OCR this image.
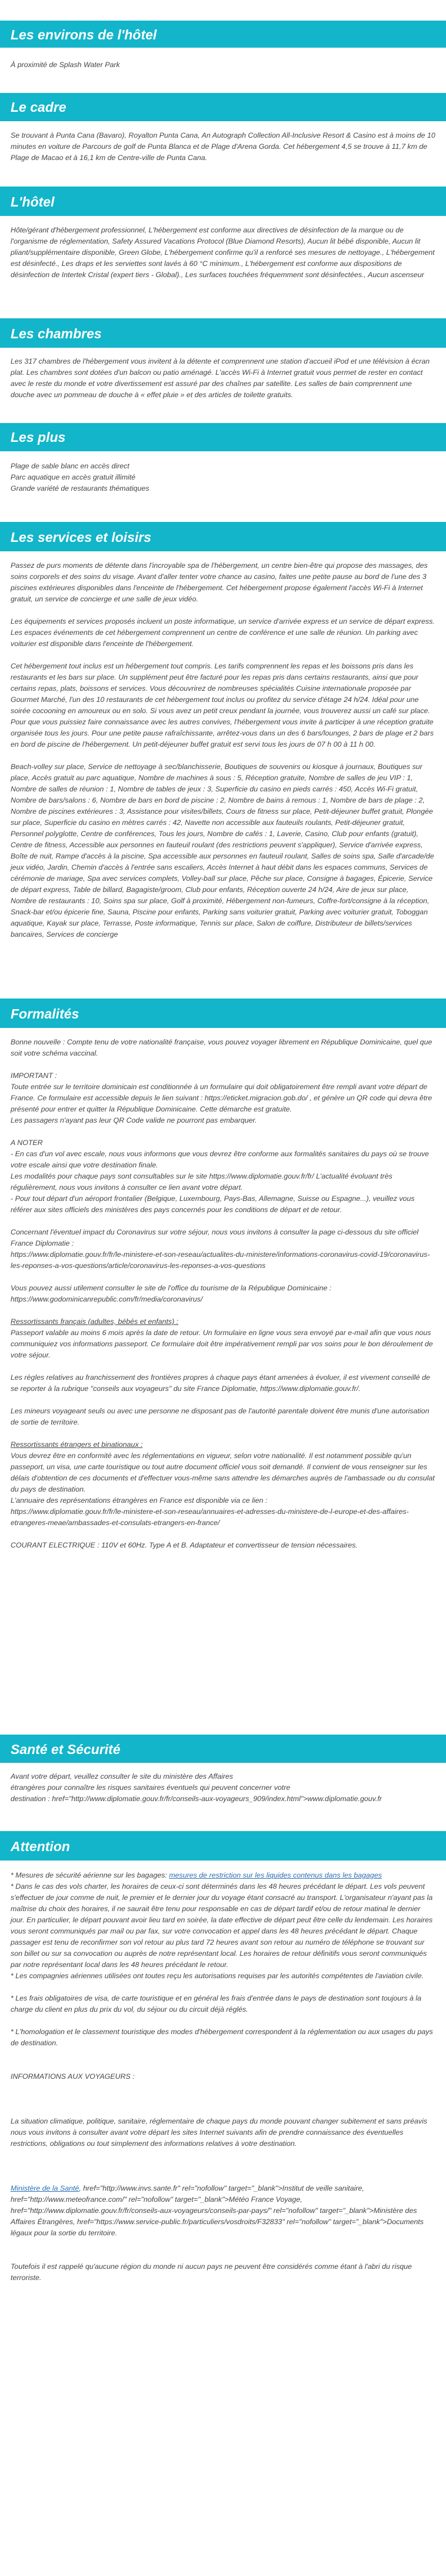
Les environs de l'hôtel

À proximité de Splash Water Park

Le cadre

Se trouvant à Punta Cana (Bavaro), Royalton Punta Cana, An Autograph Collection All-Inclusive Resort & Casino est à moins de 10 minutes en voiture de Parcours de golf de Punta Blanca et de Plage d'Arena Gorda. Cet hébergement 4,5 se trouve à 11,7 km de Plage de Macao et à 16,1 km de Centre-ville de Punta Cana.

L'hôtel

Hôte/gérant d'hébergement professionnel, L'hébergement est conforme aux directives de désinfection de la marque ou de l'organisme de réglementation, Safety Assured Vacations Protocol (Blue Diamond Resorts), Aucun lit bébé disponible, Aucun lit pliant/supplémentaire disponible, Green Globe, L'hébergement confirme qu'il a renforcé ses mesures de nettoyage., L'hébergement est désinfecté., Les draps et les serviettes sont lavés à 60 °C minimum., L'hébergement est conforme aux dispositions de désinfection de Intertek Cristal (expert tiers - Global)., Les surfaces touchées fréquemment sont désinfectées., Aucun ascenseur

Les chambres

Les 317 chambres de l'hébergement vous invitent à la détente et comprennent une station d'accueil iPod et une télévision à écran plat. Les chambres sont dotées d'un balcon ou patio aménagé. L'accès Wi-Fi à Internet gratuit vous permet de rester en contact avec le reste du monde et votre divertissement est assuré par des chaînes par satellite. Les salles de bain comprennent une douche avec un pommeau de douche à « effet pluie » et des articles de toilette gratuits.

Les plus

Plage de sable blanc en accès direct

Parc aquatique en accès gratuit illimité

Grande variété de restaurants thématiques

Les services et loisirs

Passez de purs moments de détente dans l'incroyable spa de l'hébergement, un centre bien-être qui propose des massages, des soins corporels et des soins du visage. Avant d'aller tenter votre chance au casino, faites une petite pause au bord de l'une des 3 piscines extérieures disponibles dans l'enceinte de l'hébergement. Cet hébergement propose également l'accès Wi-Fi à Internet gratuit, un service de concierge et une salle de jeux vidéo.

Les équipements et services proposés incluent un poste informatique, un service d'arrivée express et un service de départ express. Les espaces événements de cet hébergement comprennent un centre de conférence et une salle de réunion. Un parking avec voiturier est disponible dans l'enceinte de l'hébergement.

Cet hébergement tout inclus est un hébergement tout compris. Les tarifs comprennent les repas et les boissons pris dans les restaurants et les bars sur place. Un supplément peut être facturé pour les repas pris dans certains restaurants, ainsi que pour certains repas, plats, boissons et services. Vous découvrirez de nombreuses spécialités Cuisine internationale proposée par Gourmet Marché, l'un des 10 restaurants de cet hébergement tout inclus ou profitez du service d'étage 24 h/24. Idéal pour une soirée cocooning en amoureux ou en solo. Si vous avez un petit creux pendant la journée, vous trouverez aussi un café sur place. Pour que vous puissiez faire connaissance avec les autres convives, l'hébergement vous invite à participer à une réception gratuite organisée tous les jours. Pour une petite pause rafraîchissante, arrêtez-vous dans un des 6 bars/lounges, 2 bars de plage et 2 bars en bord de piscine de l'hébergement. Un petit-déjeuner buffet gratuit est servi tous les jours de 07 h 00 à 11 h 00.

Beach-volley sur place, Service de nettoyage à sec/blanchisserie, Boutiques de souvenirs ou kiosque à journaux, Boutiques sur place, Accès gratuit au parc aquatique, Nombre de machines à sous : 5, Réception gratuite, Nombre de salles de jeu VIP : 1, Nombre de salles de réunion : 1, Nombre de tables de jeux : 3, Superficie du casino en pieds carrés : 450, Accès Wi-Fi gratuit, Nombre de bars/salons : 6, Nombre de bars en bord de piscine : 2, Nombre de bains à remous : 1, Nombre de bars de plage : 2, Nombre de piscines extérieures : 3, Assistance pour visites/billets, Cours de fitness sur place, Petit-déjeuner buffet gratuit, Plongée sur place, Superficie du casino en mètres carrés : 42, Navette non accessible aux fauteuils roulants, Petit-déjeuner gratuit, Personnel polyglotte, Centre de conférences, Tous les jours, Nombre de cafés : 1, Laverie, Casino, Club pour enfants (gratuit), Centre de fitness, Accessible aux personnes en fauteuil roulant (des restrictions peuvent s'appliquer), Service d'arrivée express, Boîte de nuit, Rampe d'accès à la piscine, Spa accessible aux personnes en fauteuil roulant, Salles de soins spa, Salle d'arcade/de jeux vidéo, Jardin, Chemin d'accès à l'entrée sans escaliers, Accès Internet à haut débit dans les espaces communs, Services de cérémonie de mariage, Spa avec services complets, Volley-ball sur place, Pêche sur place, Consigne à bagages, Épicerie, Service de départ express, Table de billard, Bagagiste/groom, Club pour enfants, Réception ouverte 24 h/24, Aire de jeux sur place, Nombre de restaurants : 10, Soins spa sur place, Golf à proximité, Hébergement non-fumeurs, Coffre-fort/consigne à la réception, Snack-bar et/ou épicerie fine, Sauna, Piscine pour enfants, Parking sans voiturier gratuit, Parking avec voiturier gratuit, Toboggan aquatique, Kayak sur place, Terrasse, Poste informatique, Tennis sur place, Salon de coiffure, Distributeur de billets/services bancaires, Services de concierge

Formalités

Bonne nouvelle : Compte tenu de votre nationalité française, vous pouvez voyager librement en République Dominicaine, quel que soit votre schéma vaccinal.

IMPORTANT :

Toute entrée sur le territoire dominicain est conditionnée à un formulaire qui doit obligatoirement être rempli avant votre départ de France. Ce formulaire est accessible depuis le lien suivant : https://eticket.migracion.gob.do/ , et génère un QR code qui devra être présenté pour entrer et quitter la République Dominicaine. Cette démarche est gratuite.

Les passagers n'ayant pas leur QR Code valide ne pourront pas embarquer.

A NOTER

- En cas d'un vol avec escale, nous vous informons que vous devrez être conforme aux formalités sanitaires du pays où se trouve votre escale ainsi que votre destination finale.

Les modalités pour chaque pays sont consultables sur le site https://www.diplomatie.gouv.fr/fr/ L'actualité évoluant très régulièrement, nous vous invitons à consulter ce lien avant votre départ.

- Pour tout départ d'un aéroport frontalier (Belgique, Luxembourg, Pays-Bas, Allemagne, Suisse ou Espagne...), veuillez vous référer aux sites officiels des ministères des pays concernés pour les conditions de départ et de retour.

Concernant l'éventuel impact du Coronavirus sur votre séjour, nous vous invitons à consulter la page ci-dessous du site officiel France Diplomatie :

https://www.diplomatie.gouv.fr/fr/le-ministere-et-son-reseau/actualites-du-ministere/informations-coronavirus-covid-19/coronavirus-les-reponses-a-vos-questions/article/coronavirus-les-reponses-a-vos-questions

Vous pouvez aussi utilement consulter le site de l'office du tourisme de la République Dominicaine :

https://www.godominicanrepublic.com/fr/media/coronavirus/

Ressortissants français (adultes, bébés et enfants) :

Passeport valable au moins 6 mois après la date de retour. Un formulaire en ligne vous sera envoyé par e-mail afin que vous nous communiquiez vos informations passeport. Ce formulaire doit être impérativement rempli par vos soins pour le bon déroulement de votre séjour.

Les règles relatives au franchissement des frontières propres à chaque pays étant amenées à évoluer, il est vivement conseillé de se reporter à la rubrique "conseils aux voyageurs" du site France Diplomatie, https://www.diplomatie.gouv.fr/.

Les mineurs voyageant seuls ou avec une personne ne disposant pas de l'autorité parentale doivent être munis d'une autorisation de sortie de territoire.

Ressortissants étrangers et binationaux :

Vous devrez être en conformité avec les réglementations en vigueur, selon votre nationalité. Il est notamment possible qu'un passeport, un visa, une carte touristique ou tout autre document officiel vous soit demandé. Il convient de vous renseigner sur les délais d'obtention de ces documents et d'effectuer vous-même sans attendre les démarches auprès de l'ambassade ou du consulat du pays de destination.

L'annuaire des représentations étrangères en France est disponible via ce lien :

https://www.diplomatie.gouv.fr/fr/le-ministere-et-son-reseau/annuaires-et-adresses-du-ministere-de-l-europe-et-des-affaires-etrangeres-meae/ambassades-et-consulats-etrangers-en-france/

COURANT ELECTRIQUE : 110V et 60Hz. Type A et B. Adaptateur et convertisseur de tension nécessaires.

Santé et Sécurité

Avant votre départ, veuillez consulter le site du ministère des Affaires

étrangères pour connaître les risques sanitaires éventuels qui peuvent concerner votre

destination : href="http://www.diplomatie.gouv.fr/fr/conseils-aux-voyageurs_909/index.html">www.diplomatie.gouv.fr

Attention

* Mesures de sécurité aérienne sur les bagages: mesures de restriction sur les liquides contenus dans les bagages

* Dans le cas des vols charter, les horaires de ceux-ci sont déterminés dans les 48 heures précédant le départ. Les vols peuvent s'effectuer de jour comme de nuit, le premier et le dernier jour du voyage étant consacré au transport. L'organisateur n'ayant pas la maîtrise du choix des horaires, il ne saurait être tenu pour responsable en cas de départ tardif et/ou de retour matinal le dernier jour. En particulier, le départ pouvant avoir lieu tard en soirée, la date effective de départ peut être celle du lendemain. Les horaires vous seront communiqués par mail ou par fax, sur votre convocation et appel dans les 48 heures précédant le départ. Chaque passager est tenu de reconfirmer son vol retour au plus tard 72 heures avant son retour au numéro de téléphone se trouvant sur son billet ou sur sa convocation ou auprès de notre représentant local. Les horaires de retour définitifs vous seront communiqués par notre représentant local dans les 48 heures précédant le retour.

* Les compagnies aériennes utilisées ont toutes reçu les autorisations requises par les autorités compétentes de l'aviation civile.

* Les frais obligatoires de visa, de carte touristique et en général les frais d'entrée dans le pays de destination sont toujours à la charge du client en plus du prix du vol, du séjour ou du circuit déjà réglés.

* L'homologation et le classement touristique des modes d'hébergement correspondent à la réglementation ou aux usages du pays de destination.

INFORMATIONS AUX VOYAGEURS :

La situation climatique, politique, sanitaire, réglementaire de chaque pays du monde pouvant changer subitement et sans préavis

nous vous invitons à consulter avant votre départ les sites Internet suivants afin de prendre connaissance des éventuelles restrictions, obligations ou tout simplement des informations relatives à votre destination.

Ministère de la Santé, href="http://www.invs.sante.fr" rel="nofollow" target="_blank">Institut de veille sanitaire, href="http://www.meteofrance.com/" rel="nofollow" target="_blank">Météo France Voyage, href="http://www.diplomatie.gouv.fr/fr/conseils-aux-voyageurs/conseils-par-pays/" rel="nofollow" target="_blank">Ministère des Affaires Étrangères, href="https://www.service-public.fr/particuliers/vosdroits/F32833" rel="nofollow" target="_blank">Documents légaux pour la sortie du territoire.

Toutefois il est rappelé qu'aucune région du monde ni aucun pays ne peuvent être considérés comme étant à l'abri du risque terroriste.
